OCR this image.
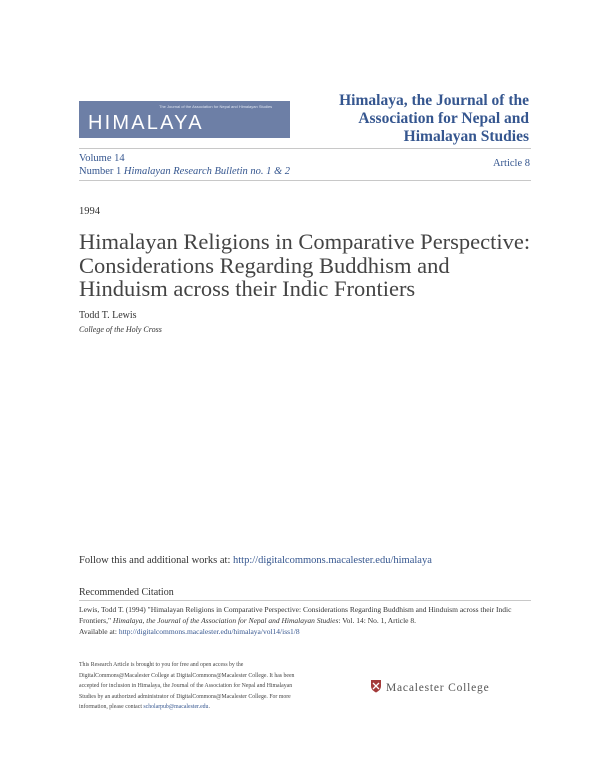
The Journal of the Association for Nepal and Himalayan Studies
HIMALAYA
Himalaya, the Journal of the
Association for Nepal and
Himalayan Studies
Volume 14
Number 1 Himalayan Research Bulletin no. 1 & 2
Article 8
1994
Himalayan Religions in Comparative Perspective:
Considerations Regarding Buddhism and
Hinduism across their Indic Frontiers
Todd T. Lewis
College of the Holy Cross
Follow this and additional works at: http://digitalcommons.macalester.edu/himalaya
Recommended Citation
Lewis, Todd T. (1994) "Himalayan Religions in Comparative Perspective: Considerations Regarding Buddhism and Hinduism across their Indic Frontiers," Himalaya, the Journal of the Association for Nepal and Himalayan Studies: Vol. 14: No. 1, Article 8.
Available at: http://digitalcommons.macalester.edu/himalaya/vol14/iss1/8
This Research Article is brought to you for free and open access by the DigitalCommons@Macalester College at DigitalCommons@Macalester College. It has been accepted for inclusion in Himalaya, the Journal of the Association for Nepal and Himalayan Studies by an authorized administrator of DigitalCommons@Macalester College. For more information, please contact scholarpub@macalester.edu.
Macalester College
